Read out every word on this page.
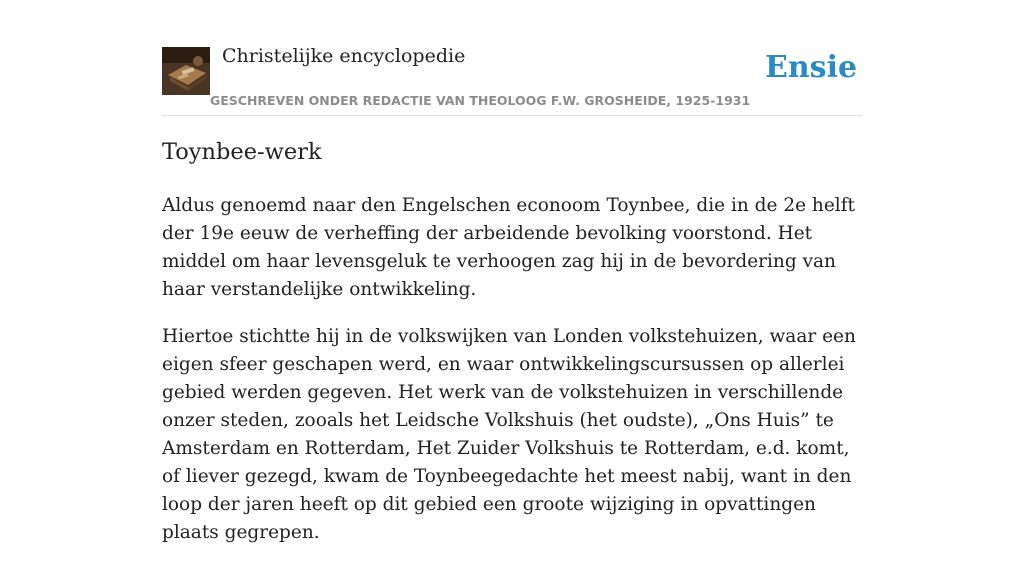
Christelijke encyclopedie
GESCHREVEN ONDER REDACTIE VAN THEOLOOG F.W. GROSHEIDE, 1925-1931
Ensie
Toynbee-werk

Aldus genoemd naar den Engelschen econoom Toynbee, die in de 2e helft der 19e eeuw de verheffing der arbeidende bevolking voorstond. Het middel om haar levensgeluk te verhoogen zag hij in de bevordering van haar verstandelijke ontwikkeling.

Hiertoe stichtte hij in de volkswijken van Londen volkstehuizen, waar een eigen sfeer geschapen werd, en waar ontwikkelingscursussen op allerlei gebied werden gegeven. Het werk van de volkstehuizen in verschillende onzer steden, zooals het Leidsche Volkshuis (het oudste), „Ons Huis” te Amsterdam en Rotterdam, Het Zuider Volkshuis te Rotterdam, e.d. komt, of liever gezegd, kwam de Toynbeegedachte het meest nabij, want in den loop der jaren heeft op dit gebied een groote wijziging in opvattingen plaats gegrepen.
